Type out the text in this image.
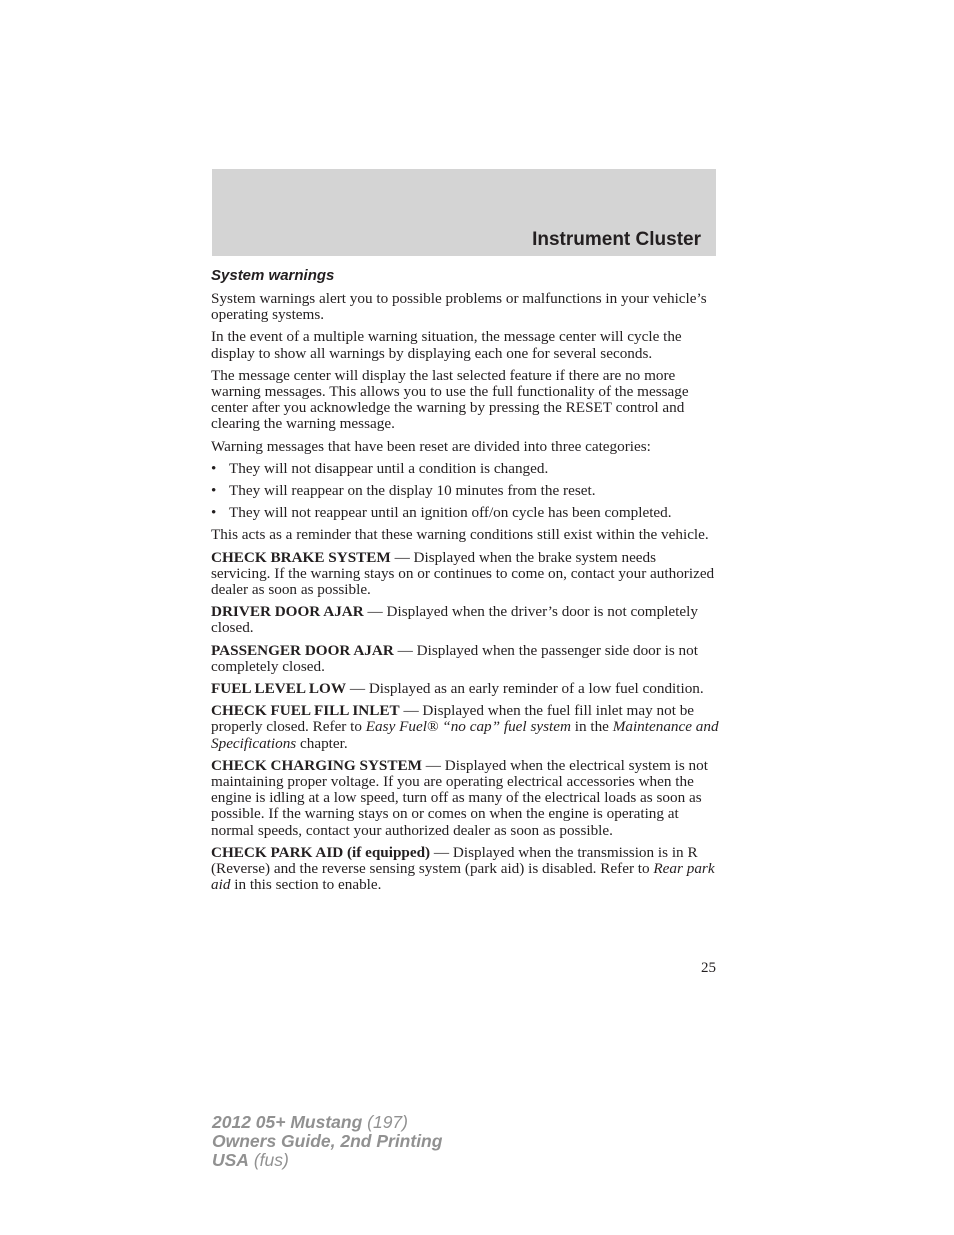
Instrument Cluster
System warnings

System warnings alert you to possible problems or malfunctions in your vehicle’s operating systems.

In the event of a multiple warning situation, the message center will cycle the display to show all warnings by displaying each one for several seconds.

The message center will display the last selected feature if there are no more warning messages. This allows you to use the full functionality of the message center after you acknowledge the warning by pressing the RESET control and clearing the warning message.

Warning messages that have been reset are divided into three categories:

• They will not disappear until a condition is changed.
• They will reappear on the display 10 minutes from the reset.
• They will not reappear until an ignition off/on cycle has been completed.

This acts as a reminder that these warning conditions still exist within the vehicle.

CHECK BRAKE SYSTEM — Displayed when the brake system needs servicing. If the warning stays on or continues to come on, contact your authorized dealer as soon as possible.

DRIVER DOOR AJAR — Displayed when the driver’s door is not completely closed.

PASSENGER DOOR AJAR — Displayed when the passenger side door is not completely closed.

FUEL LEVEL LOW — Displayed as an early reminder of a low fuel condition.

CHECK FUEL FILL INLET — Displayed when the fuel fill inlet may not be properly closed. Refer to Easy Fuel® “no cap” fuel system in the Maintenance and Specifications chapter.

CHECK CHARGING SYSTEM — Displayed when the electrical system is not maintaining proper voltage. If you are operating electrical accessories when the engine is idling at a low speed, turn off as many of the electrical loads as soon as possible. If the warning stays on or comes on when the engine is operating at normal speeds, contact your authorized dealer as soon as possible.

CHECK PARK AID (if equipped) — Displayed when the transmission is in R (Reverse) and the reverse sensing system (park aid) is disabled. Refer to Rear park aid in this section to enable.

25
2012 05+ Mustang (197)
Owners Guide, 2nd Printing
USA (fus)
